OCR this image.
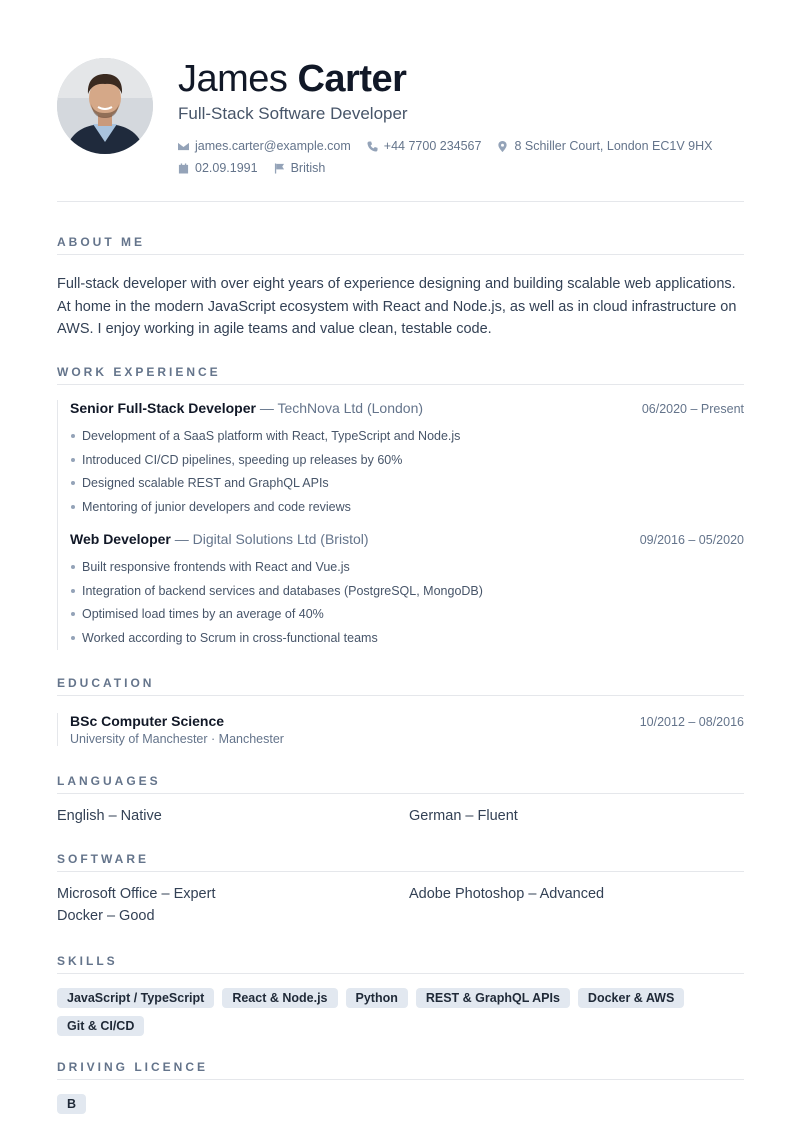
James Carter
Full-Stack Software Developer
james.carter@example.com	+44 7700 234567	8 Schiller Court, London EC1V 9HX
02.09.1991	British
ABOUT ME

Full-stack developer with over eight years of experience designing and building scalable web applications. At home in the modern JavaScript ecosystem with React and Node.js, as well as in cloud infrastructure on AWS. I enjoy working in agile teams and value clean, testable code.

WORK EXPERIENCE
Senior Full-Stack Developer — TechNova Ltd (London)	06/2020 – Present
Development of a SaaS platform with React, TypeScript and Node.js
Introduced CI/CD pipelines, speeding up releases by 60%
Designed scalable REST and GraphQL APIs
Mentoring of junior developers and code reviews
Web Developer — Digital Solutions Ltd (Bristol)	09/2016 – 05/2020
Built responsive frontends with React and Vue.js
Integration of backend services and databases (PostgreSQL, MongoDB)
Optimised load times by an average of 40%
Worked according to Scrum in cross-functional teams
EDUCATION
BSc Computer Science	10/2012 – 08/2016
University of Manchester · Manchester
LANGUAGES
English – Native	German – Fluent
SOFTWARE
Microsoft Office – Expert	Adobe Photoshop – Advanced
Docker – Good
SKILLS
JavaScript / TypeScript	React & Node.js	Python	REST & GraphQL APIs	Docker & AWS
Git & CI/CD
DRIVING LICENCE
B
